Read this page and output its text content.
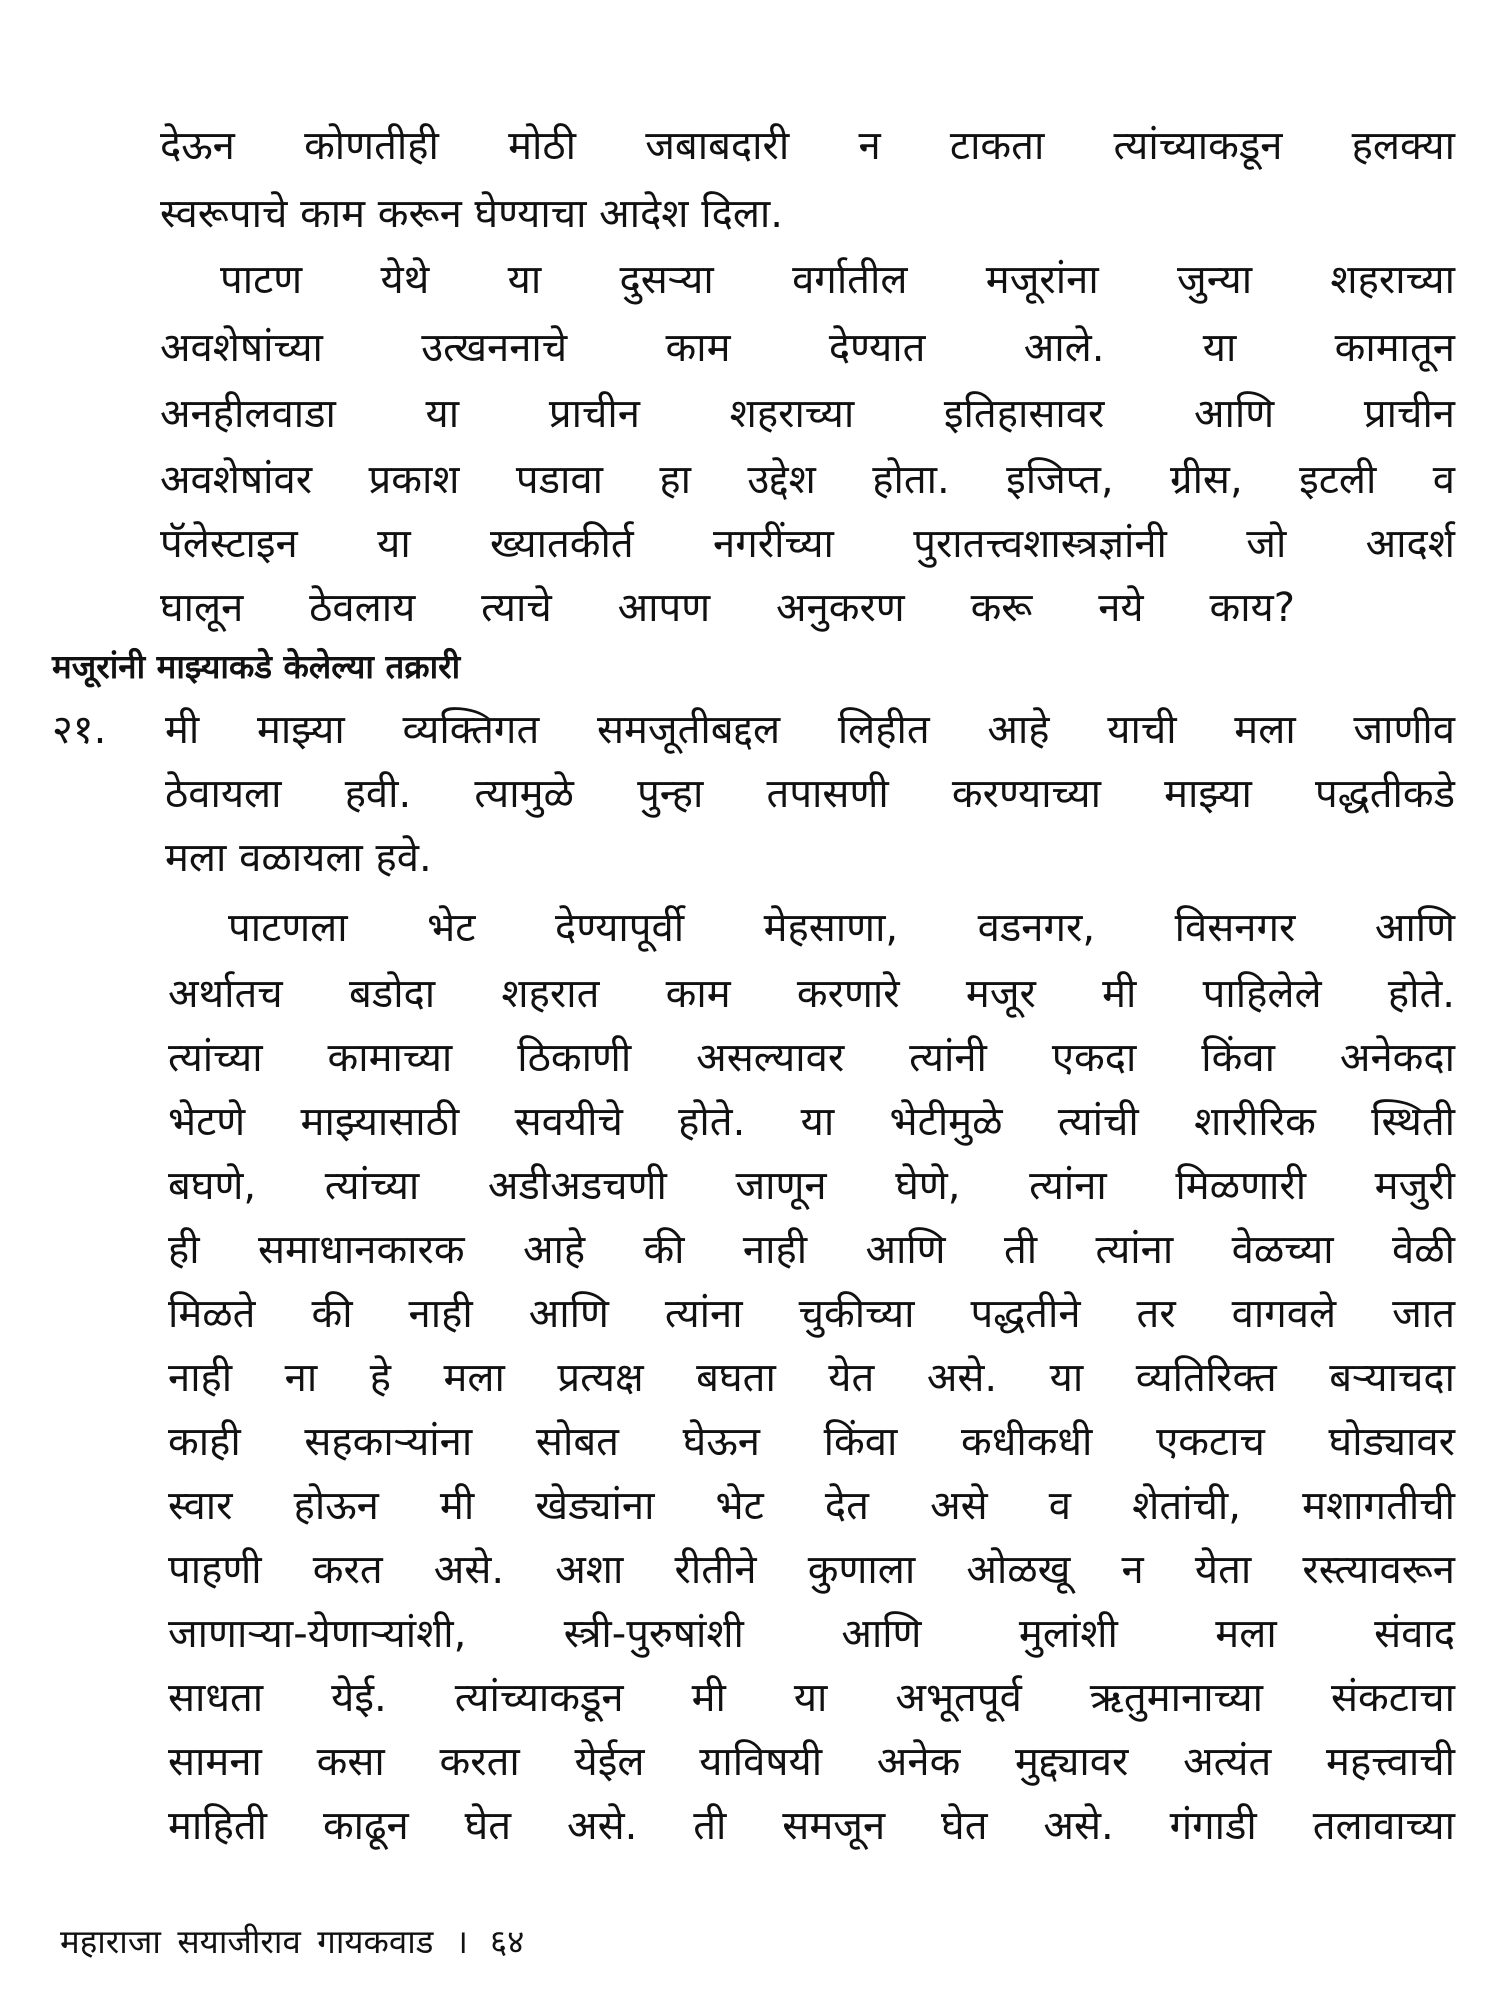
देऊन कोणतीही मोठी जबाबदारी न टाकता त्यांच्याकडून हलक्या
स्वरूपाचे काम करून घेण्याचा आदेश दिला.
पाटण येथे या दुसऱ्या वर्गातील मजूरांना जुन्या शहराच्या
अवशेषांच्या उत्खननाचे काम देण्यात आले. या कामातून
अनहीलवाडा या प्राचीन शहराच्या इतिहासावर आणि प्राचीन
अवशेषांवर प्रकाश पडावा हा उद्देश होता. इजिप्त, ग्रीस, इटली व
पॅलेस्टाइन या ख्यातकीर्त नगरींच्या पुरातत्त्वशास्त्रज्ञांनी जो आदर्श
घालून ठेवलाय त्याचे आपण अनुकरण करू नये काय?
मजूरांनी माझ्याकडे केलेल्या तक्रारी
२१. मी माझ्या व्यक्तिगत समजूतीबद्दल लिहीत आहे याची मला जाणीव
ठेवायला हवी. त्यामुळे पुन्हा तपासणी करण्याच्या माझ्या पद्धतीकडे
मला वळायला हवे.
पाटणला भेट देण्यापूर्वी मेहसाणा, वडनगर, विसनगर आणि
अर्थातच बडोदा शहरात काम करणारे मजूर मी पाहिलेले होते.
त्यांच्या कामाच्या ठिकाणी असल्यावर त्यांनी एकदा किंवा अनेकदा
भेटणे माझ्यासाठी सवयीचे होते. या भेटीमुळे त्यांची शारीरिक स्थिती
बघणे, त्यांच्या अडीअडचणी जाणून घेणे, त्यांना मिळणारी मजुरी
ही समाधानकारक आहे की नाही आणि ती त्यांना वेळच्या वेळी
मिळते की नाही आणि त्यांना चुकीच्या पद्धतीने तर वागवले जात
नाही ना हे मला प्रत्यक्ष बघता येत असे. या व्यतिरिक्त बऱ्याचदा
काही सहकाऱ्यांना सोबत घेऊन किंवा कधीकधी एकटाच घोड्यावर
स्वार होऊन मी खेड्यांना भेट देत असे व शेतांची, मशागतीची
पाहणी करत असे. अशा रीतीने कुणाला ओळखू न येता रस्त्यावरून
जाणाऱ्या-येणाऱ्यांशी, स्त्री-पुरुषांशी आणि मुलांशी मला संवाद
साधता येई. त्यांच्याकडून मी या अभूतपूर्व ऋतुमानाच्या संकटाचा
सामना कसा करता येईल याविषयी अनेक मुद्द्यावर अत्यंत महत्त्वाची
माहिती काढून घेत असे. ती समजून घेत असे. गंगाडी तलावाच्या
महाराजा सयाजीराव गायकवाड । ६४
